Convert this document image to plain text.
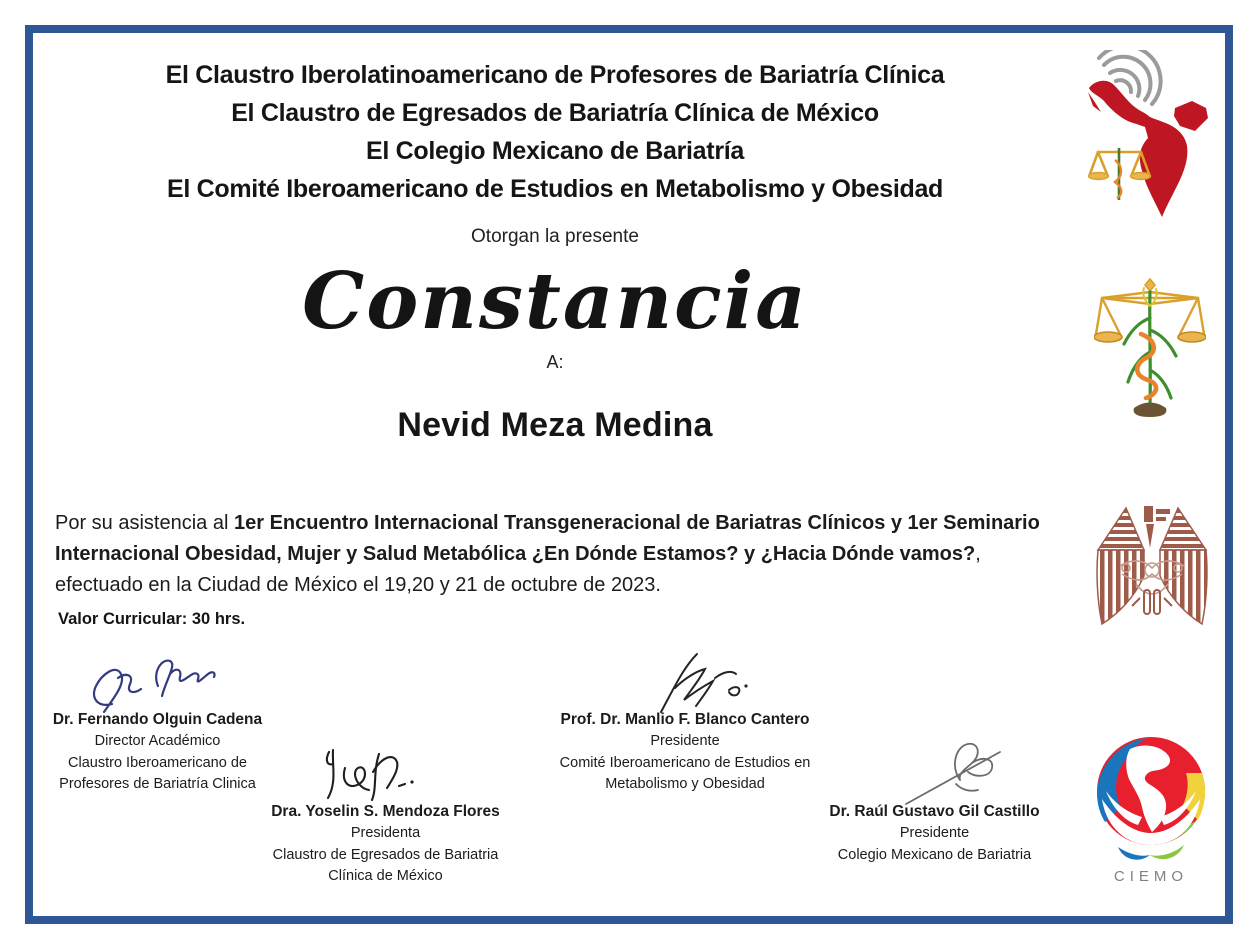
El Claustro Iberolatinoamericano de Profesores de Bariatría Clínica
El Claustro de Egresados de Bariatría Clínica de México
El Colegio Mexicano de Bariatría
El Comité Iberoamericano de Estudios en Metabolismo y Obesidad
Otorgan la presente
Constancia
A:
Nevid Meza Medina
Por su asistencia al 1er Encuentro Internacional Transgeneracional de Bariatras Clínicos y 1er Seminario Internacional Obesidad, Mujer y Salud Metabólica ¿En Dónde Estamos? y ¿Hacia Dónde vamos?, efectuado en la Ciudad de México el 19,20 y 21 de octubre de 2023.
Valor Curricular: 30 hrs.
Dr. Fernando Olguin Cadena
Director Académico
Claustro Iberoamericano de
Profesores de Bariatría Clinica
Dra. Yoselin S. Mendoza Flores
Presidenta
Claustro de Egresados de Bariatria
Clínica de México
Prof. Dr. Manlio F. Blanco Cantero
Presidente
Comité Iberoamericano de Estudios en
Metabolismo y Obesidad
Dr. Raúl Gustavo Gil Castillo
Presidente
Colegio Mexicano de Bariatria
CIEMO
